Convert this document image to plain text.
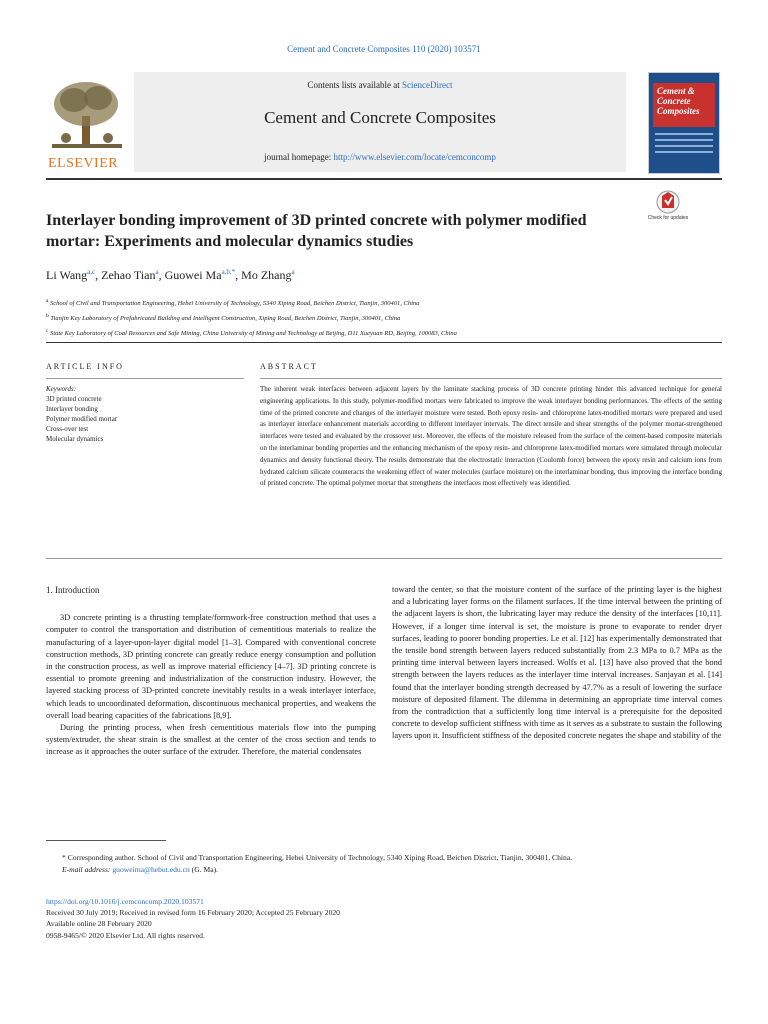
Cement and Concrete Composites 110 (2020) 103571
ELSEVIER
Contents lists available at ScienceDirect
Cement and Concrete Composites
journal homepage: http://www.elsevier.com/locate/cemconcomp
Cement & Concrete Composites
Interlayer bonding improvement of 3D printed concrete with polymer modified mortar: Experiments and molecular dynamics studies
Check for updates
Li Wang$^{a,c}$, Zehao Tian$^a$, Guowei $Ma^{a,b,*}$, Mo Zhang$^a$
$^a$ School of Civil and Transportation Engineering, Hebei University of Technology, 5340 Xiping Road, Beichen District, Tianjin, 300401, China
$^b$ Tianjin Key Laboratory of Prefabricated Building and Intelligent Construction, Xiping Road, Beichen District, Tianjin, 300401, China
$^c$ State Key Laboratory of Coal Resources and Safe Mining, China University of Mining and Technology at Beijing, D11 Xueyuan RD, Beijing, 100083, China
ARTICLE INFO	ABSTRACT
Keywords:
3D printed concrete
Interlayer bonding
Polymer modified mortar
Cross-over test
Molecular dynamics
The inherent weak interfaces between adjacent layers by the laminate stacking process of 3D concrete printing hinder this advanced technique for general engineering applications. In this study, polymer-modified mortars were fabricated to improve the weak interlayer bonding performances. The effects of the setting time of the printed concrete and changes of the interlayer moisture were tested. Both epoxy resin- and chloroprene latex-modified mortars were prepared and used as interlayer interface enhancement materials according to different interlayer intervals. The direct tensile and shear strengths of the polymer mortar-strengthened interfaces were tested and evaluated by the crossover test. Moreover, the effects of the moisture released from the surface of the cement-based composite materials on the interlaminar bonding properties and the enhancing mechanism of the epoxy resin- and chloroprene latex-modified mortars were simulated through molecular dynamics and density functional theory. The results demonstrate that the electrostatic interaction (Coulomb force) between the epoxy resin and calcium ions from hydrated calcium silicate counteracts the weakening effect of water molecules (surface moisture) on the interlaminar bonding, thus improving the interface bonding of printed concrete. The optimal polymer mortar that strengthens the interfaces most effectively was identified.
1. Introduction

3D concrete printing is a thrusting template/formwork-free construction method that uses a computer to control the transportation and distribution of cementitious materials to realize the manufacturing of a layer-upon-layer digital model [1–3]. Compared with conventional concrete construction methods, 3D printing concrete can greatly reduce energy consumption and pollution in the construction process, as well as improve material efficiency [4–7]. 3D printing concrete is essential to promote greening and industrialization of the construction industry. However, the layered stacking process of 3D-printed concrete inevitably results in a weak interlayer interface, which leads to uncoordinated deformation, discontinuous mechanical properties, and weakens the overall load bearing capacities of the fabrications [8,9].

During the printing process, when fresh cementitious materials flow into the pumping system/extruder, the shear strain is the smallest at the center of the cross section and tends to increase as it approaches the outer surface of the extruder. Therefore, the material condensates

toward the center, so that the moisture content of the surface of the printing layer is the highest and a lubricating layer forms on the filament surfaces. If the time interval between the printing of the adjacent layers is short, the lubricating layer may reduce the density of the interfaces [10,11]. However, if a longer time interval is set, the moisture is prone to evaporate to render dryer surfaces, leading to poorer bonding properties. Le et al. [12] has experimentally demonstrated that the tensile bond strength between layers reduced substantially from 2.3 MPa to 0.7 MPa as the printing time interval between layers increased. Wolfs et al. [13] have also proved that the bond strength between the layers reduces as the interlayer time interval increases. Sanjayan et al. [14] found that the interlayer bonding strength decreased by 47.7% as a result of lowering the surface moisture of deposited filament. The dilemma in determining an appropriate time interval comes from the contradiction that a sufficiently long time interval is a prerequisite for the deposited concrete to develop sufficient stiffness with time as it serves as a substrate to sustain the following layers upon it. Insufficient stiffness of the deposited concrete negates the shape and stability of the
* Corresponding author. School of Civil and Transportation Engineering, Hebei University of Technology, 5340 Xiping Road, Beichen District, Tianjin, 300401, China.
E-mail address: guoweima@hebut.edu.cn (G. Ma).
https://doi.org/10.1016/j.cemconcomp.2020.103571
Received 30 July 2019; Received in revised form 16 February 2020; Accepted 25 February 2020
Available online 28 February 2020
0958-9465/© 2020 Elsevier Ltd. All rights reserved.
